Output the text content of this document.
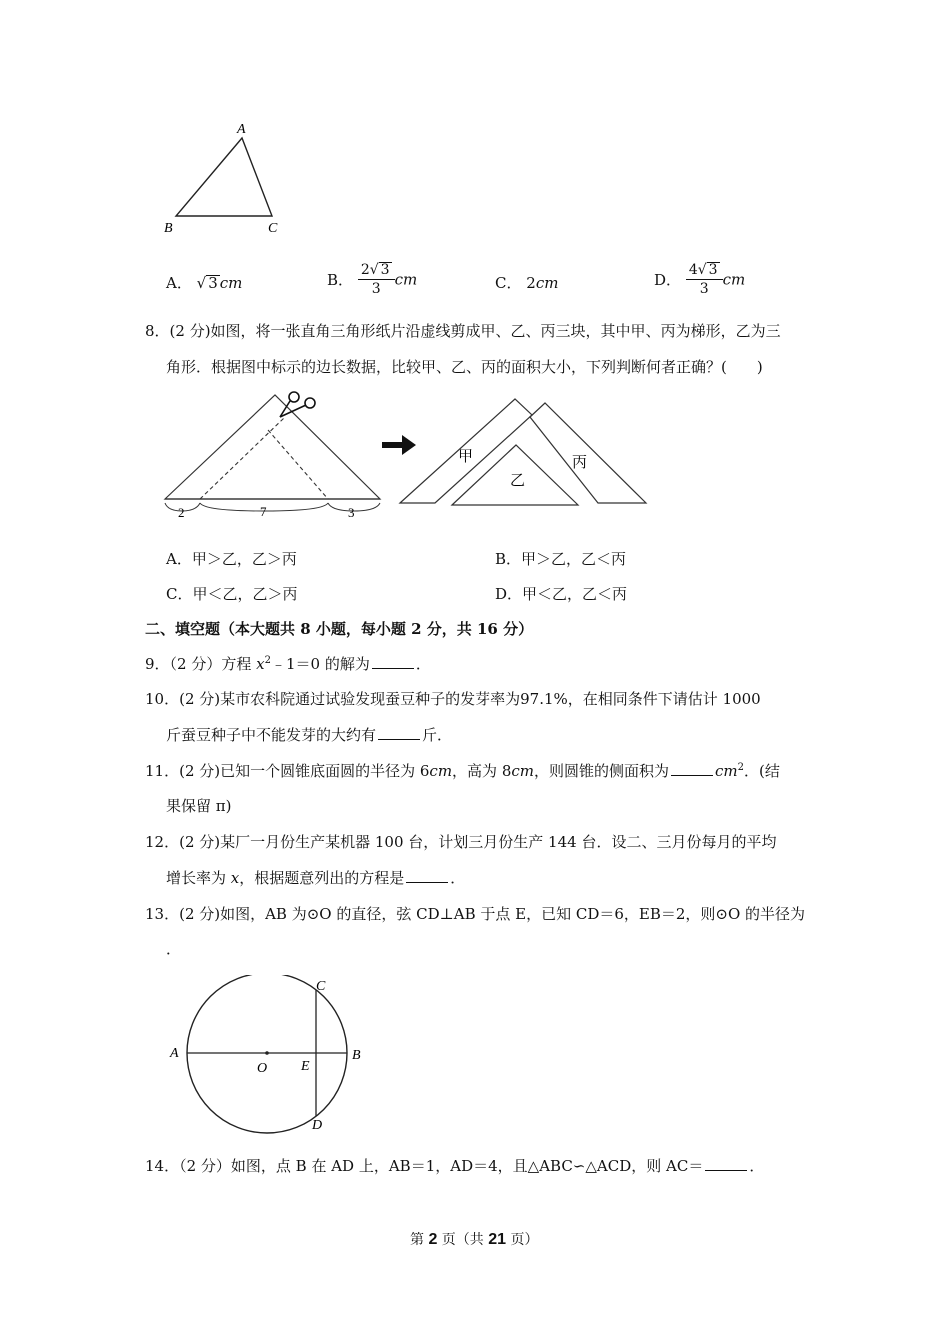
A
B	C
A． √ 3 cm	B． $\frac{2√ 3}{3}$ cm	C． 2cm	D． $\frac{4√ 3}{3}$ cm
8．(2 分)如图，将一张直角三角形纸片沿虚线剪成甲、乙、丙三块，其中甲、丙为梯形，乙为三
角形．根据图中标示的边长数据，比较甲、乙、丙的面积大小，下列判断何者正确？(　　)
2	7	3
甲
乙
丙
A．甲＞乙，乙＞丙	B．甲＞乙，乙＜丙
C．甲＜乙，乙＞丙	D．甲＜乙，乙＜丙
二、填空题（本大题共 8 小题，每小题 2 分，共 16 分）
9．（2 分）方程 $x^2﹣1=0$ 的解为	．
10．(2 分)某市农科院通过试验发现蚕豆种子的发芽率为97.1%，在相同条件下请估计 1000
斤蚕豆种子中不能发芽的大约有	斤．
11．(2 分)已知一个圆锥底面圆的半径为 6cm，高为 8cm，则圆锥的侧面积为	$cm^2$．(结
果保留 π)
12．(2 分)某厂一月份生产某机器 100 台，计划三月份生产 144 台．设二、三月份每月的平均
增长率为 x，根据题意列出的方程是	．
13．(2 分)如图，AB 为⊙O 的直径，弦 CD⊥AB 于点 E，已知 CD＝6，EB＝2，则⊙O 的半径为
．
A	B
C
D
E
O
14．（2 分）如图，点 B 在 AD 上，AB＝1，AD＝4，且△ABC∽△ACD，则 AC＝	．
第 2 页（共 21 页）
